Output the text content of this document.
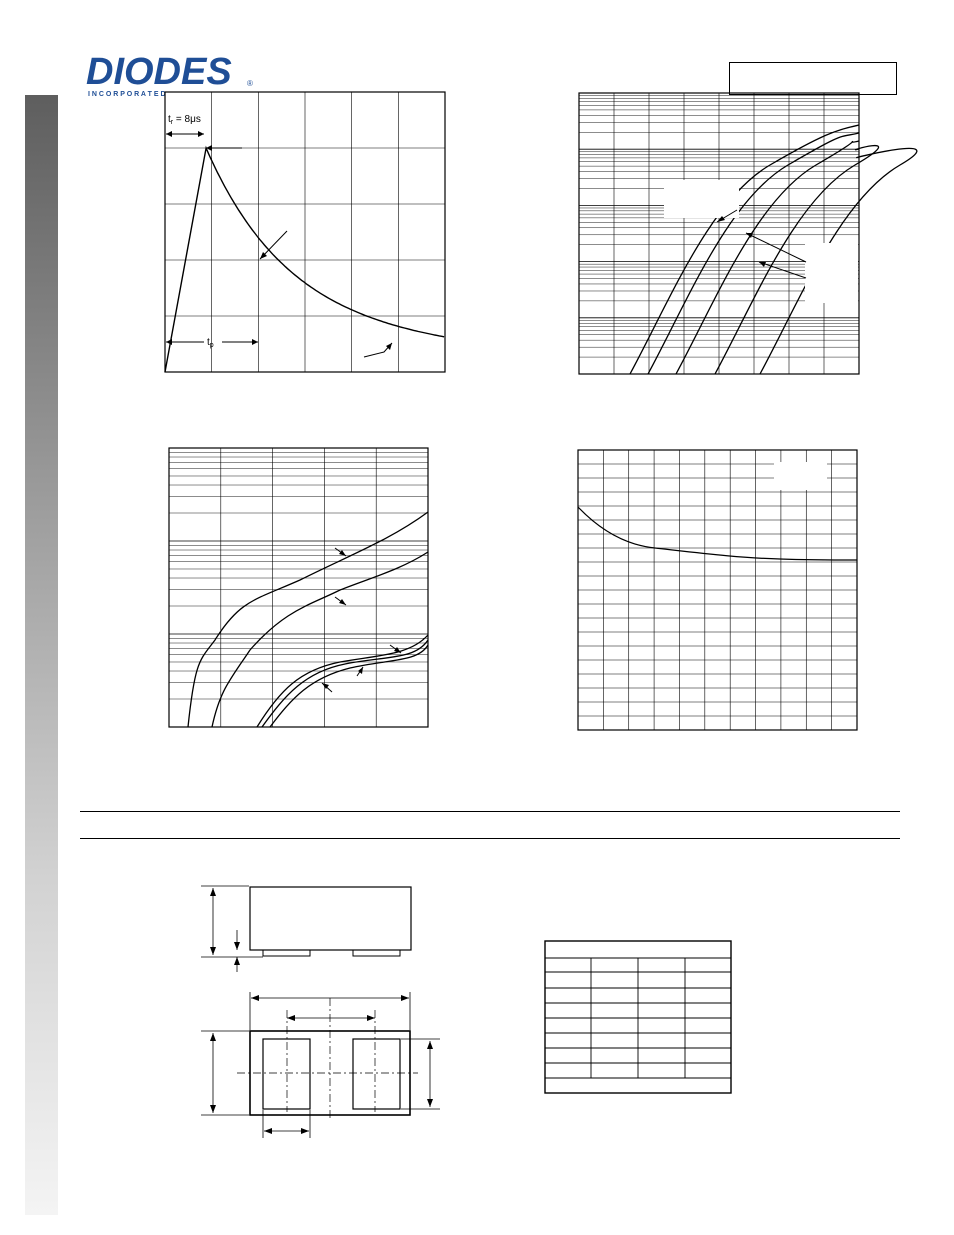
DIODES
I N C O R P O R A T E D
®
$t_r = 8\mu s$
$t_p$
